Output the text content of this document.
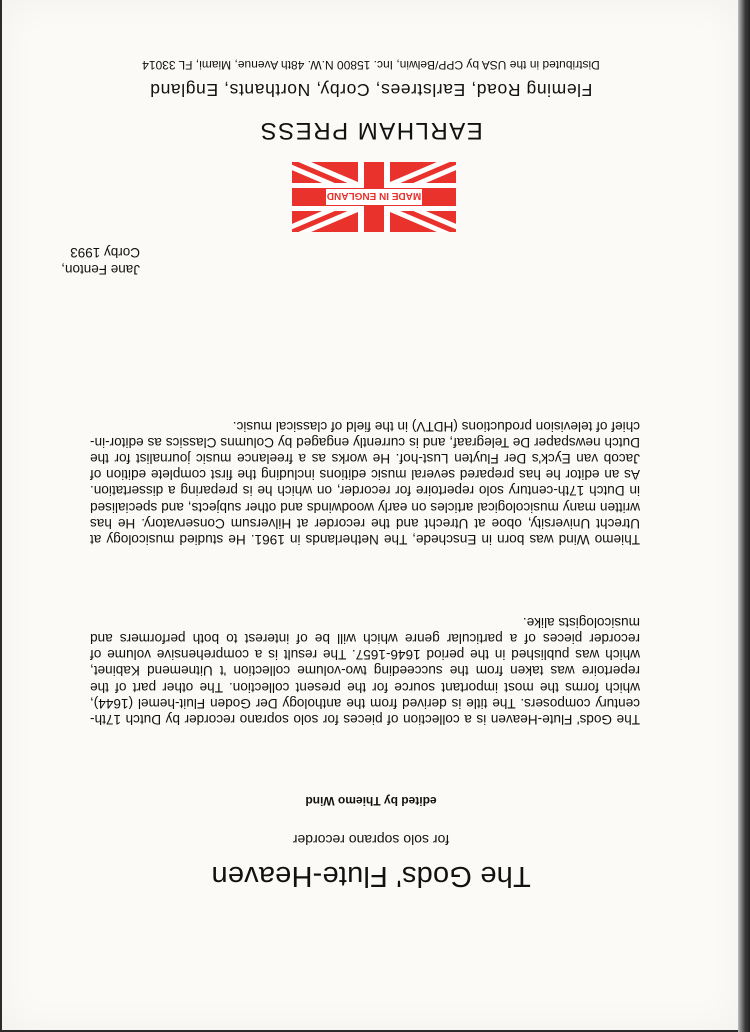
The Gods' Flute-Heaven
for solo soprano recorder
edited by Thiemo Wind
The Gods' Flute-Heaven is a collection of pieces for solo soprano recorder by Dutch 17th-century composers. The title is derived from the anthology Der Goden Fluit-hemel (1644), which forms the most important source for the present collection. The other part of the repertoire was taken from the succeeding two-volume collection 't Uitnemend Kabinet, which was published in the period 1646-1657. The result is a comprehensive volume of recorder pieces of a particular genre which will be of interest to both performers and musicologists alike.
Thiemo Wind was born in Enschede, The Netherlands in 1961. He studied musicology at Utrecht University, oboe at Utrecht and the recorder at Hilversum Conservatory. He has written many musicological articles on early woodwinds and other subjects, and specialised in Dutch 17th-century solo repertoire for recorder, on which he is preparing a dissertation. As an editor he has prepared several music editions including the first complete edition of Jacob van Eyck's Der Fluyten Lust-hof. He works as a freelance music journalist for the Dutch newspaper De Telegraaf, and is currently engaged by Columns Classics as editor-in-chief of television productions (HDTV) in the field of classical music.
Jane Fenton,
Corby 1993
MADE IN ENGLAND
EARLHAM PRESS
Fleming Road, Earlstrees, Corby, Northants, England
Distributed in the USA by CPP/Belwin, Inc. 15800 N.W. 48th Avenue, Miami, FL 33014
